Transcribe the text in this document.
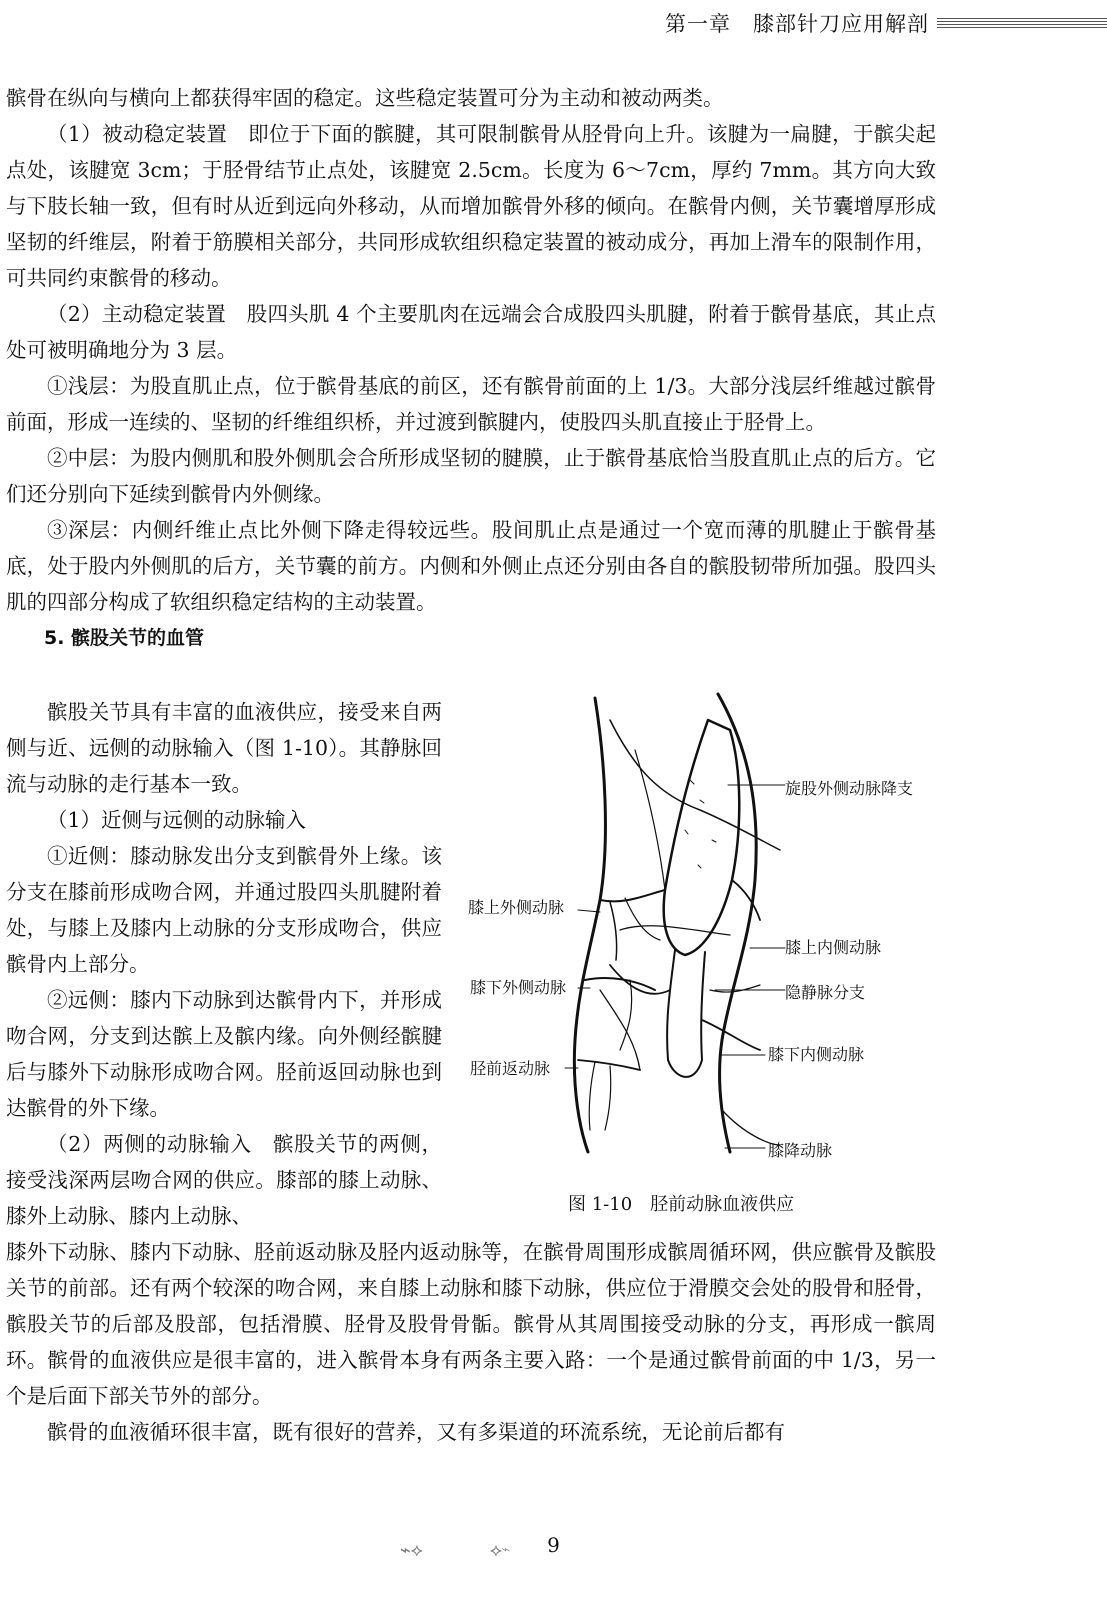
第一章　膝部针刀应用解剖

髌骨在纵向与横向上都获得牢固的稳定。这些稳定装置可分为主动和被动两类。

（1）被动稳定装置　即位于下面的髌腱，其可限制髌骨从胫骨向上升。该腱为一扁腱，于髌尖起点处，该腱宽 3cm；于胫骨结节止点处，该腱宽 2.5cm。长度为 6～7cm，厚约 7mm。其方向大致与下肢长轴一致，但有时从近到远向外移动，从而增加髌骨外移的倾向。在髌骨内侧，关节囊增厚形成坚韧的纤维层，附着于筋膜相关部分，共同形成软组织稳定装置的被动成分，再加上滑车的限制作用，可共同约束髌骨的移动。

（2）主动稳定装置　股四头肌 4 个主要肌肉在远端会合成股四头肌腱，附着于髌骨基底，其止点处可被明确地分为 3 层。

①浅层：为股直肌止点，位于髌骨基底的前区，还有髌骨前面的上 1/3。大部分浅层纤维越过髌骨前面，形成一连续的、坚韧的纤维组织桥，并过渡到髌腱内，使股四头肌直接止于胫骨上。

②中层：为股内侧肌和股外侧肌会合所形成坚韧的腱膜，止于髌骨基底恰当股直肌止点的后方。它们还分别向下延续到髌骨内外侧缘。

③深层：内侧纤维止点比外侧下降走得较远些。股间肌止点是通过一个宽而薄的肌腱止于髌骨基底，处于股内外侧肌的后方，关节囊的前方。内侧和外侧止点还分别由各自的髌股韧带所加强。股四头肌的四部分构成了软组织稳定结构的主动装置。

5. 髌股关节的血管

髌股关节具有丰富的血液供应，接受来自两侧与近、远侧的动脉输入（图 1-10）。其静脉回流与动脉的走行基本一致。

（1）近侧与远侧的动脉输入

①近侧：膝动脉发出分支到髌骨外上缘。该分支在膝前形成吻合网，并通过股四头肌腱附着处，与膝上及膝内上动脉的分支形成吻合，供应髌骨内上部分。

②远侧：膝内下动脉到达髌骨内下，并形成吻合网，分支到达髌上及髌内缘。向外侧经髌腱后与膝外下动脉形成吻合网。胫前返回动脉也到达髌骨的外下缘。

（2）两侧的动脉输入　髌股关节的两侧，接受浅深两层吻合网的供应。膝部的膝上动脉、膝外上动脉、膝内上动脉、

旋股外侧动脉降支
膝上外侧动脉
膝上内侧动脉
隐静脉分支
膝下外侧动脉
膝下内侧动脉
胫前返动脉
膝降动脉
图 1-10　胫前动脉血液供应

膝外下动脉、膝内下动脉、胫前返动脉及胫内返动脉等，在髌骨周围形成髌周循环网，供应髌骨及髌股关节的前部。还有两个较深的吻合网，来自膝上动脉和膝下动脉，供应位于滑膜交会处的股骨和胫骨，髌股关节的后部及股部，包括滑膜、胫骨及股骨骨骺。髌骨从其周围接受动脉的分支，再形成一髌周环。髌骨的血液供应是很丰富的，进入髌骨本身有两条主要入路：一个是通过髌骨前面的中 1/3，另一个是后面下部关节外的部分。

髌骨的血液循环很丰富，既有很好的营养，又有多渠道的环流系统，无论前后都有

⌁⟡	9
⟡⌁
